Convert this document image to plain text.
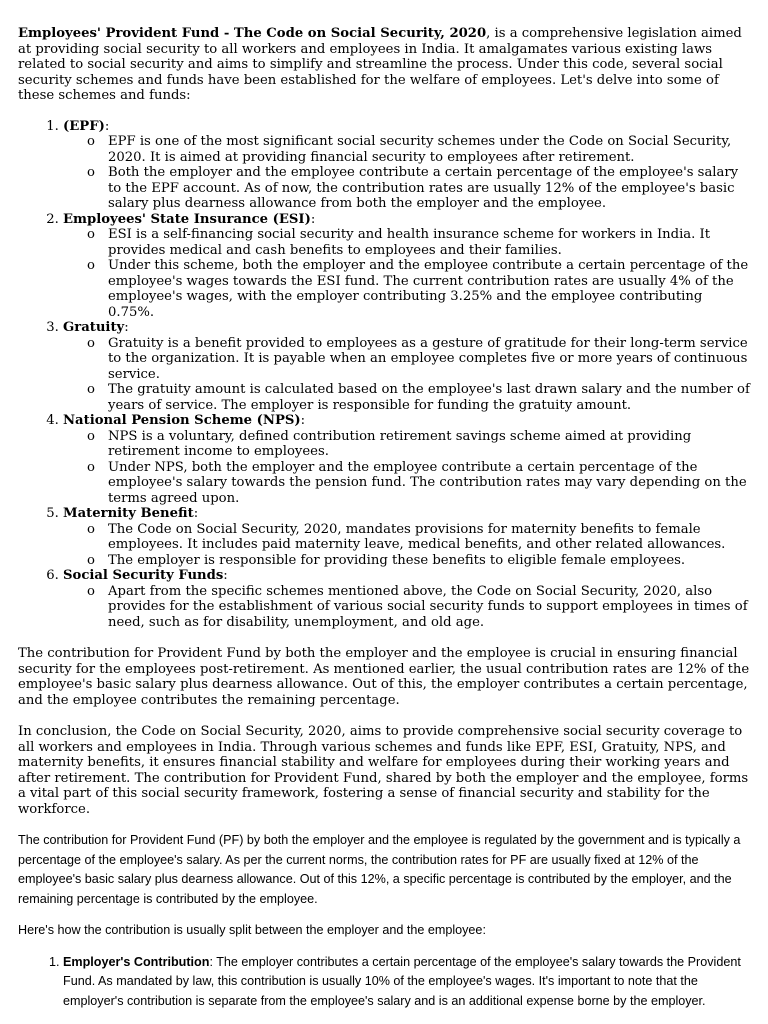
Employees' Provident Fund - The Code on Social Security, 2020, is a comprehensive legislation aimed at providing social security to all workers and employees in India. It amalgamates various existing laws related to social security and aims to simplify and streamline the process. Under this code, several social security schemes and funds have been established for the welfare of employees. Let's delve into some of these schemes and funds:

1. (EPF):
o EPF is one of the most significant social security schemes under the Code on Social Security, 2020. It is aimed at providing financial security to employees after retirement.
o Both the employer and the employee contribute a certain percentage of the employee's salary to the EPF account. As of now, the contribution rates are usually 12% of the employee's basic salary plus dearness allowance from both the employer and the employee.
2. Employees' State Insurance (ESI):
o ESI is a self-financing social security and health insurance scheme for workers in India. It provides medical and cash benefits to employees and their families.
o Under this scheme, both the employer and the employee contribute a certain percentage of the employee's wages towards the ESI fund. The current contribution rates are usually 4% of the employee's wages, with the employer contributing 3.25% and the employee contributing 0.75%.
3. Gratuity:
o Gratuity is a benefit provided to employees as a gesture of gratitude for their long-term service to the organization. It is payable when an employee completes five or more years of continuous service.
o The gratuity amount is calculated based on the employee's last drawn salary and the number of years of service. The employer is responsible for funding the gratuity amount.
4. National Pension Scheme (NPS):
o NPS is a voluntary, defined contribution retirement savings scheme aimed at providing retirement income to employees.
o Under NPS, both the employer and the employee contribute a certain percentage of the employee's salary towards the pension fund. The contribution rates may vary depending on the terms agreed upon.
5. Maternity Benefit:
o The Code on Social Security, 2020, mandates provisions for maternity benefits to female employees. It includes paid maternity leave, medical benefits, and other related allowances.
o The employer is responsible for providing these benefits to eligible female employees.
6. Social Security Funds:
o Apart from the specific schemes mentioned above, the Code on Social Security, 2020, also provides for the establishment of various social security funds to support employees in times of need, such as for disability, unemployment, and old age.

The contribution for Provident Fund by both the employer and the employee is crucial in ensuring financial security for the employees post-retirement. As mentioned earlier, the usual contribution rates are 12% of the employee's basic salary plus dearness allowance. Out of this, the employer contributes a certain percentage, and the employee contributes the remaining percentage.

In conclusion, the Code on Social Security, 2020, aims to provide comprehensive social security coverage to all workers and employees in India. Through various schemes and funds like EPF, ESI, Gratuity, NPS, and maternity benefits, it ensures financial stability and welfare for employees during their working years and after retirement. The contribution for Provident Fund, shared by both the employer and the employee, forms a vital part of this social security framework, fostering a sense of financial security and stability for the workforce.

The contribution for Provident Fund (PF) by both the employer and the employee is regulated by the government and is typically a percentage of the employee's salary. As per the current norms, the contribution rates for PF are usually fixed at 12% of the employee's basic salary plus dearness allowance. Out of this 12%, a specific percentage is contributed by the employer, and the remaining percentage is contributed by the employee.

Here's how the contribution is usually split between the employer and the employee:

1. Employer's Contribution: The employer contributes a certain percentage of the employee's salary towards the Provident Fund. As mandated by law, this contribution is usually 10% of the employee's wages. It's important to note that the employer's contribution is separate from the employee's salary and is an additional expense borne by the employer.
